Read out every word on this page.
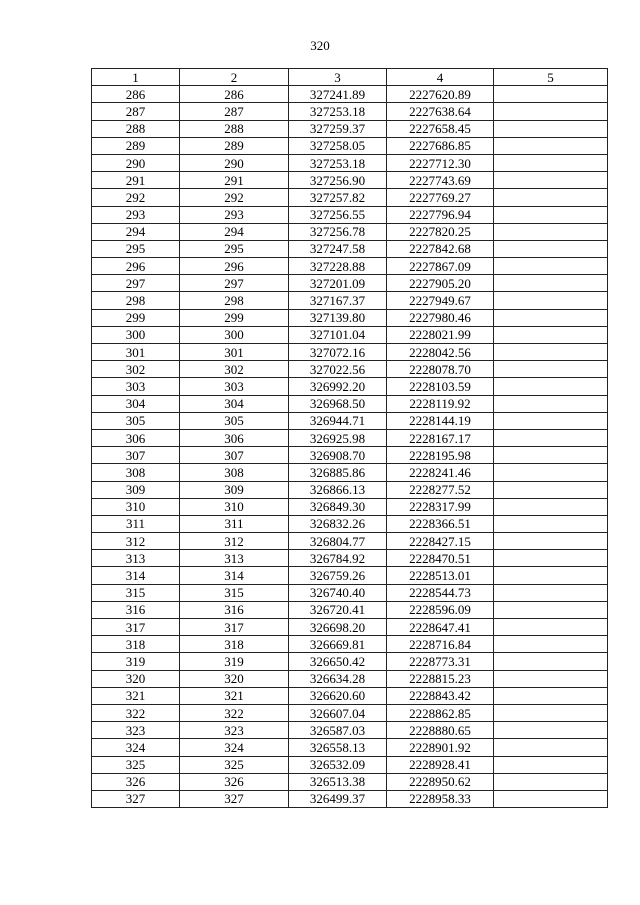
320
1	2	3	4	5
286	286	327241.89	2227620.89	
287	287	327253.18	2227638.64	
288	288	327259.37	2227658.45	
289	289	327258.05	2227686.85	
290	290	327253.18	2227712.30	
291	291	327256.90	2227743.69	
292	292	327257.82	2227769.27	
293	293	327256.55	2227796.94	
294	294	327256.78	2227820.25	
295	295	327247.58	2227842.68	
296	296	327228.88	2227867.09	
297	297	327201.09	2227905.20	
298	298	327167.37	2227949.67	
299	299	327139.80	2227980.46	
300	300	327101.04	2228021.99	
301	301	327072.16	2228042.56	
302	302	327022.56	2228078.70	
303	303	326992.20	2228103.59	
304	304	326968.50	2228119.92	
305	305	326944.71	2228144.19	
306	306	326925.98	2228167.17	
307	307	326908.70	2228195.98	
308	308	326885.86	2228241.46	
309	309	326866.13	2228277.52	
310	310	326849.30	2228317.99	
311	311	326832.26	2228366.51	
312	312	326804.77	2228427.15	
313	313	326784.92	2228470.51	
314	314	326759.26	2228513.01	
315	315	326740.40	2228544.73	
316	316	326720.41	2228596.09	
317	317	326698.20	2228647.41	
318	318	326669.81	2228716.84	
319	319	326650.42	2228773.31	
320	320	326634.28	2228815.23	
321	321	326620.60	2228843.42	
322	322	326607.04	2228862.85	
323	323	326587.03	2228880.65	
324	324	326558.13	2228901.92	
325	325	326532.09	2228928.41	
326	326	326513.38	2228950.62	
327	327	326499.37	2228958.33	
